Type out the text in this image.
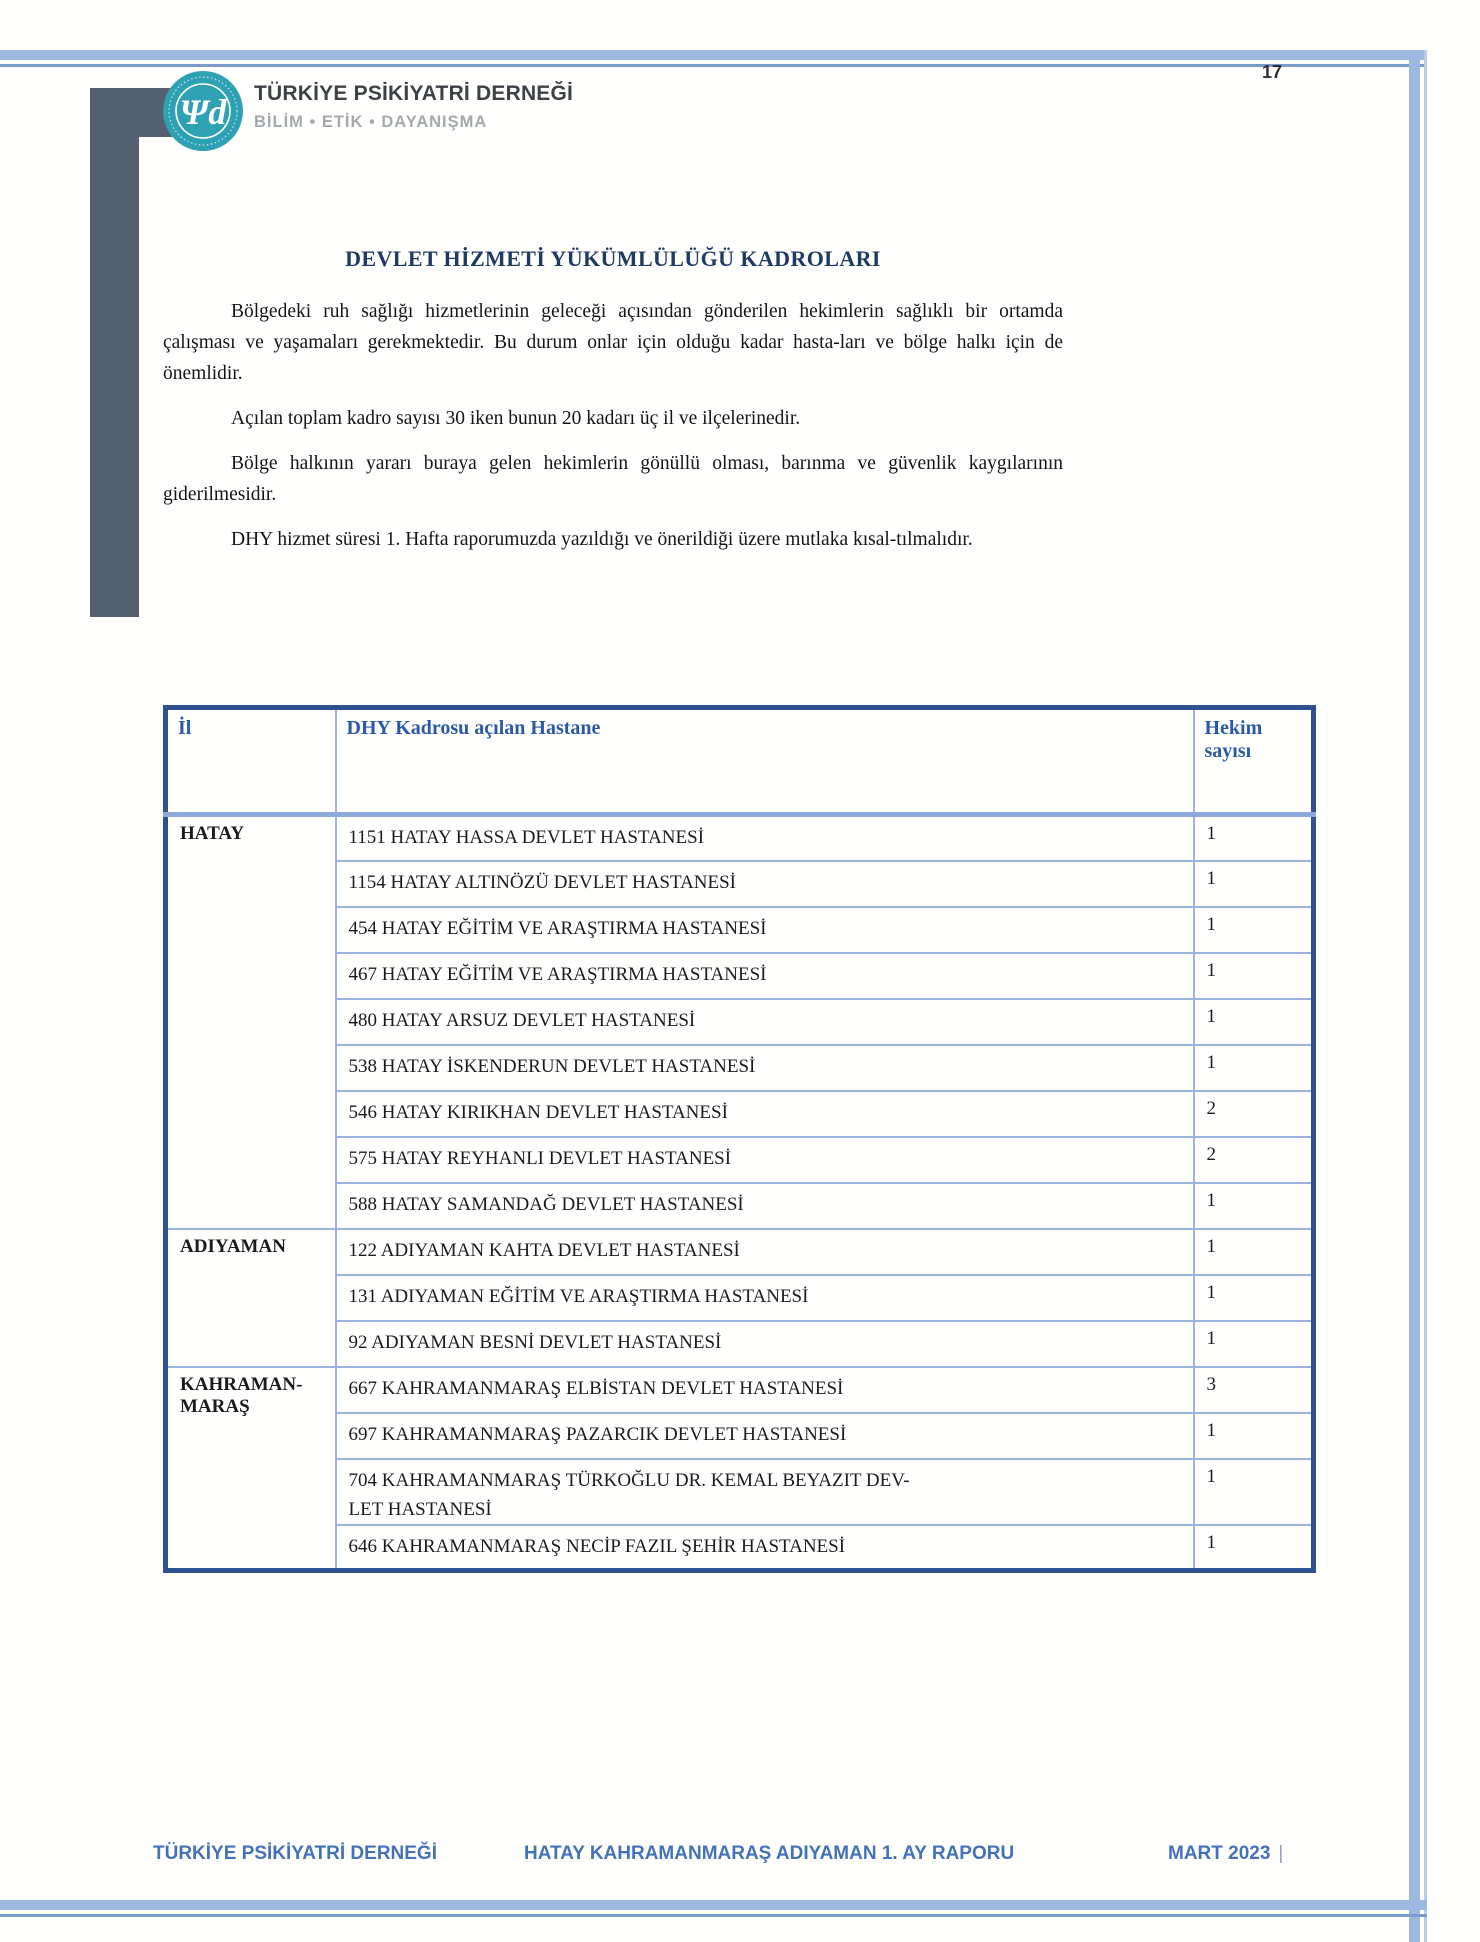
Ψd TÜRKİYE PSİKİYATRİ DERNEĞİ
BİLİM • ETİK • DAYANIŞMA
17
DEVLET HİZMETİ YÜKÜMLÜLÜĞÜ KADROLARI

Bölgedeki ruh sağlığı hizmetlerinin geleceği açısından gönderilen hekimlerin sağlıklı bir ortamda çalışması ve yaşamaları gerekmektedir. Bu durum onlar için olduğu kadar hasta-ları ve bölge halkı için de önemlidir.

Açılan toplam kadro sayısı 30 iken bunun 20 kadarı üç il ve ilçelerinedir.

Bölge halkının yararı buraya gelen hekimlerin gönüllü olması, barınma ve güvenlik kaygılarının giderilmesidir.

DHY hizmet süresi 1. Hafta raporumuzda yazıldığı ve önerildiği üzere mutlaka kısal-tılmalıdır.

İl	DHY Kadrosu açılan Hastane	Hekim sayısı
HATAY	1151 HATAY HASSA DEVLET HASTANESİ	1
	1154 HATAY ALTINÖZÜ DEVLET HASTANESİ	1
	454 HATAY EĞİTİM VE ARAŞTIRMA HASTANESİ	1
	467 HATAY EĞİTİM VE ARAŞTIRMA HASTANESİ	1
	480 HATAY ARSUZ DEVLET HASTANESİ	1
	538 HATAY İSKENDERUN DEVLET HASTANESİ	1
	546 HATAY KIRIKHAN DEVLET HASTANESİ	2
	575 HATAY REYHANLI DEVLET HASTANESİ	2
	588 HATAY SAMANDAĞ DEVLET HASTANESİ	1
ADIYAMAN	122 ADIYAMAN KAHTA DEVLET HASTANESİ	1
	131 ADIYAMAN EĞİTİM VE ARAŞTIRMA HASTANESİ	1
	92 ADIYAMAN BESNİ DEVLET HASTANESİ	1
KAHRAMAN-
MARAŞ	667 KAHRAMANMARAŞ ELBİSTAN DEVLET HASTANESİ	3
	697 KAHRAMANMARAŞ PAZARCIK DEVLET HASTANESİ	1
	704 KAHRAMANMARAŞ TÜRKOĞLU DR. KEMAL BEYAZIT DEV-
LET HASTANESİ	1
	646 KAHRAMANMARAŞ NECİP FAZIL ŞEHİR HASTANESİ	1
TÜRKİYE PSİKİYATRİ DERNEĞİ	HATAY KAHRAMANMARAŞ ADIYAMAN 1. AY RAPORU	MART 2023 |
